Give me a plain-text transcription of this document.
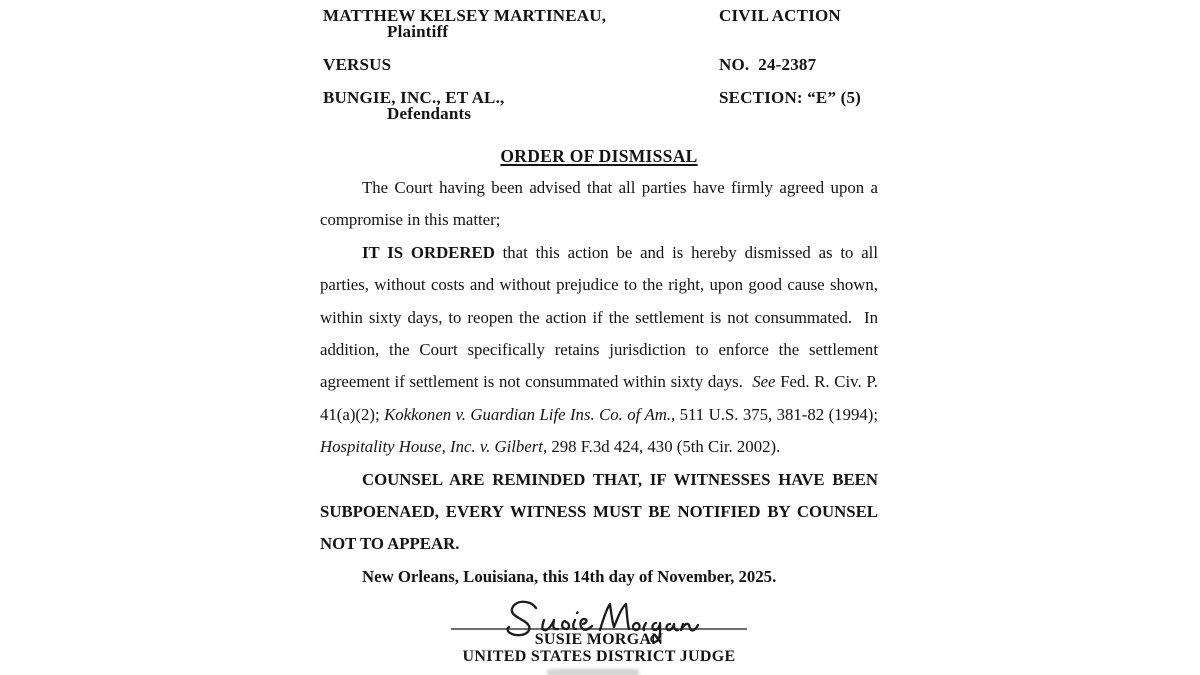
MATTHEW KELSEY MARTINEAU,
Plaintiff
VERSUS
BUNGIE, INC., ET AL.,
Defendants
CIVIL ACTION
NO.  24-2387
SECTION: “E” (5)
ORDER OF DISMISSAL

The Court having been advised that all parties have firmly agreed upon a compromise in this matter;

IT IS ORDERED that this action be and is hereby dismissed as to all parties, without costs and without prejudice to the right, upon good cause shown, within sixty days, to reopen the action if the settlement is not consummated.  In addition, the Court specifically retains jurisdiction to enforce the settlement agreement if settlement is not consummated within sixty days.  See Fed. R. Civ. P. 41(a)(2); Kokkonen v. Guardian Life Ins. Co. of Am., 511 U.S. 375, 381-82 (1994); Hospitality House, Inc. v. Gilbert, 298 F.3d 424, 430 (5th Cir. 2002).

COUNSEL ARE REMINDED THAT, IF WITNESSES HAVE BEEN SUBPOENAED, EVERY WITNESS MUST BE NOTIFIED BY COUNSEL NOT TO APPEAR.

New Orleans, Louisiana, this 14th day of November, 2025.

SUSIE MORGAN
UNITED STATES DISTRICT JUDGE
